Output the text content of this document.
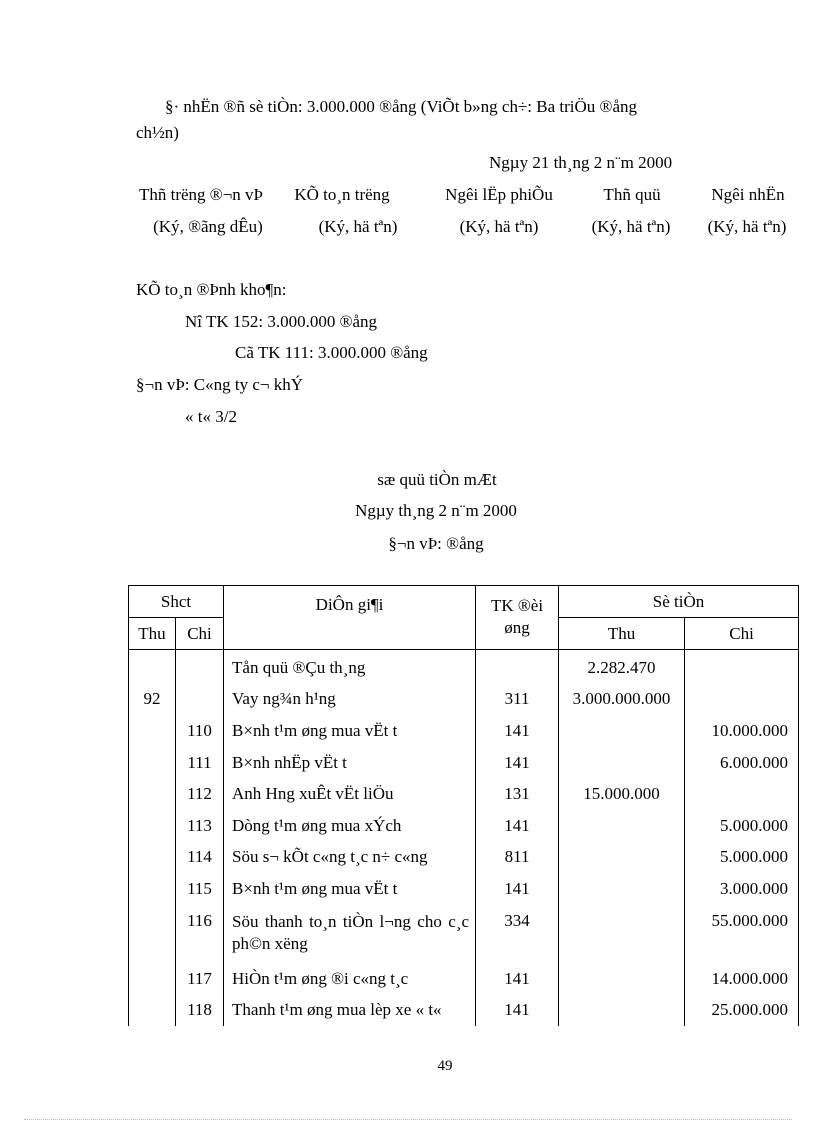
§· nhËn ®ñ sè tiÒn: 3.000.000 ®ång (ViÕt b»ng ch÷: Ba triÖu ®ång
ch½n)
Ngµy 21 th¸ng 2 n¨m 2000
Thñ trëng ®¬n vÞ KÕ to¸n trëng	Ngêi lËp phiÕu	Thñ quü	Ngêi nhËn
(Ký, ®ãng dÊu)	(Ký, hä tªn)	(Ký, hä tªn)	(Ký, hä tªn) (Ký, hä tªn)
KÕ to¸n ®Þnh kho¶n:
Nî TK 152: 3.000.000 ®ång
Cã TK 111: 3.000.000 ®ång
§¬n vÞ: C«ng ty c¬ khÝ
« t« 3/2
sæ quü tiÒn mÆt
Ngµy th¸ng 2 n¨m 2000
§¬n vÞ: ®ång
Shct		DiÔn gi¶i	TK ®èi øng	Sè tiÒn	
Thu	Chi			Thu	Chi
		Tån quü ®Çu th¸ng		2.282.470	
92		Vay ng¾n h¹ng	311	3.000.000.000	
	110	B×nh t¹m øng mua vËt t	141		10.000.000
	111	B×nh nhËp vËt t	141		6.000.000
	112	Anh Hng xuÊt vËt liÖu	131	15.000.000	
	113	Dòng t¹m øng mua xÝch	141		5.000.000
	114	Söu s¬ kÕt c«ng t¸c n÷ c«ng	811		5.000.000
	115	B×nh t¹m øng mua vËt t	141		3.000.000
	116	Söu thanh to¸n tiÒn l¬ng cho c¸c ph©n xëng	334		55.000.000
	117	HiÒn t¹m øng ®i c«ng t¸c	141		14.000.000
	118	Thanh t¹m øng mua lèp xe « t«	141		25.000.000
49
